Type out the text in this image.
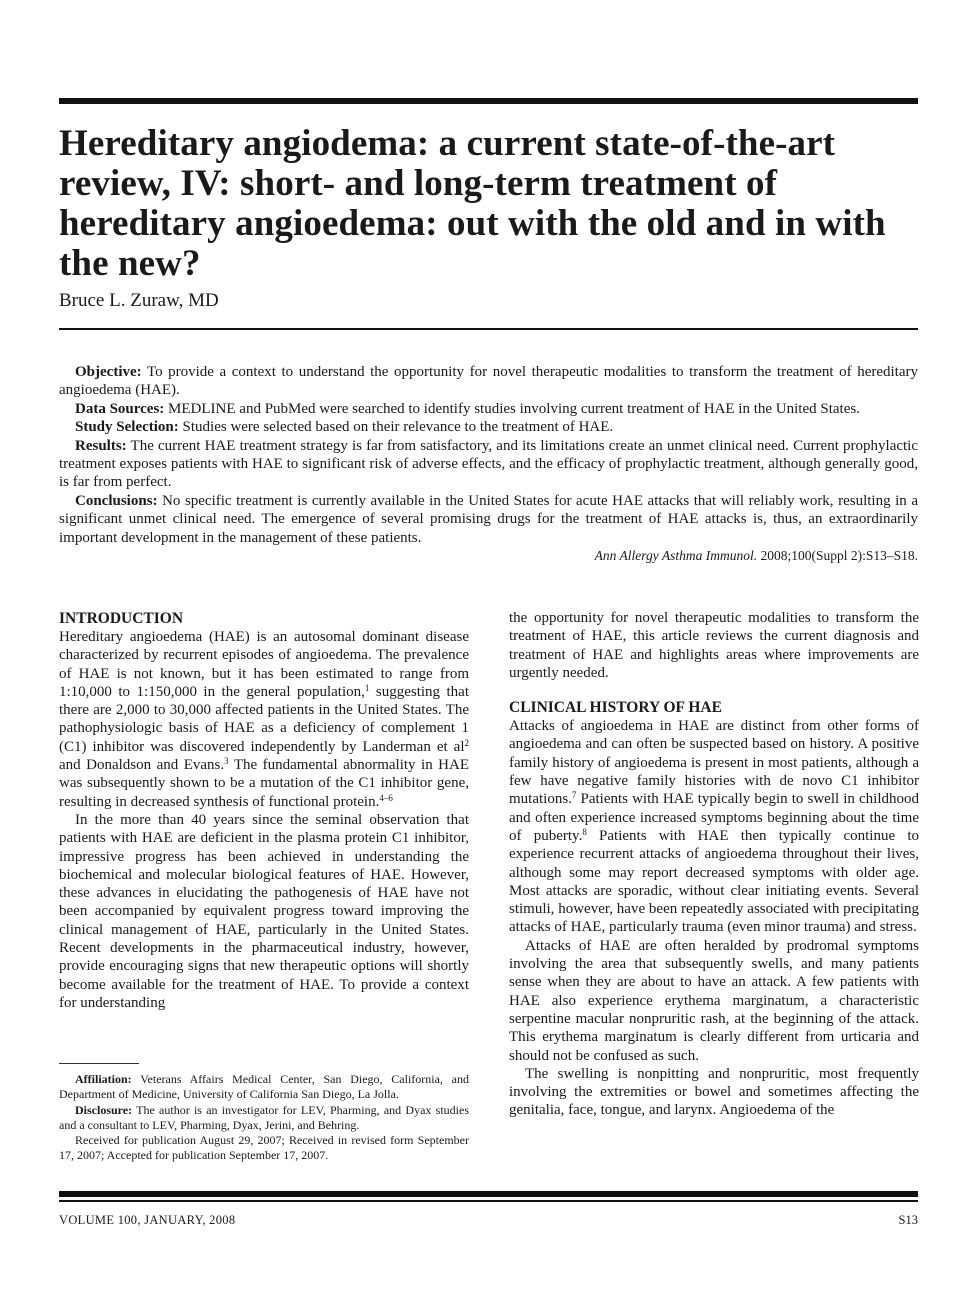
Hereditary angiodema: a current state-of-the-art review, IV: short- and long-term treatment of hereditary angioedema: out with the old and in with the new?
Bruce L. Zuraw, MD

Objective: To provide a context to understand the opportunity for novel therapeutic modalities to transform the treatment of hereditary angioedema (HAE).

Data Sources: MEDLINE and PubMed were searched to identify studies involving current treatment of HAE in the United States.

Study Selection: Studies were selected based on their relevance to the treatment of HAE.

Results: The current HAE treatment strategy is far from satisfactory, and its limitations create an unmet clinical need. Current prophylactic treatment exposes patients with HAE to significant risk of adverse effects, and the efficacy of prophylactic treatment, although generally good, is far from perfect.

Conclusions: No specific treatment is currently available in the United States for acute HAE attacks that will reliably work, resulting in a significant unmet clinical need. The emergence of several promising drugs for the treatment of HAE attacks is, thus, an extraordinarily important development in the management of these patients.

Ann Allergy Asthma Immunol. 2008;100(Suppl 2):S13–S18.

INTRODUCTION

Hereditary angioedema (HAE) is an autosomal dominant disease characterized by recurrent episodes of angioedema. The prevalence of HAE is not known, but it has been estimated to range from 1:10,000 to 1:150,000 in the general population,$^1$ suggesting that there are 2,000 to 30,000 affected patients in the United States. The pathophysiologic basis of HAE as a deficiency of complement 1 (C1) inhibitor was discovered independently by Landerman et $al^2$ and Donaldson and Evans.$^3$ The fundamental abnormality in HAE was subsequently shown to be a mutation of the C1 inhibitor gene, resulting in decreased synthesis of functional protein.$^{4-6}$

In the more than 40 years since the seminal observation that patients with HAE are deficient in the plasma protein C1 inhibitor, impressive progress has been achieved in understanding the biochemical and molecular biological features of HAE. However, these advances in elucidating the pathogenesis of HAE have not been accompanied by equivalent progress toward improving the clinical management of HAE, particularly in the United States. Recent developments in the pharmaceutical industry, however, provide encouraging signs that new therapeutic options will shortly become available for the treatment of HAE. To provide a context for understanding

the opportunity for novel therapeutic modalities to transform the treatment of HAE, this article reviews the current diagnosis and treatment of HAE and highlights areas where improvements are urgently needed.

CLINICAL HISTORY OF HAE

Attacks of angioedema in HAE are distinct from other forms of angioedema and can often be suspected based on history. A positive family history of angioedema is present in most patients, although a few have negative family histories with de novo C1 inhibitor mutations.$^7$ Patients with HAE typically begin to swell in childhood and often experience increased symptoms beginning about the time of puberty.$^8$ Patients with HAE then typically continue to experience recurrent attacks of angioedema throughout their lives, although some may report decreased symptoms with older age. Most attacks are sporadic, without clear initiating events. Several stimuli, however, have been repeatedly associated with precipitating attacks of HAE, particularly trauma (even minor trauma) and stress.

Attacks of HAE are often heralded by prodromal symptoms involving the area that subsequently swells, and many patients sense when they are about to have an attack. A few patients with HAE also experience erythema marginatum, a characteristic serpentine macular nonpruritic rash, at the beginning of the attack. This erythema marginatum is clearly different from urticaria and should not be confused as such.

The swelling is nonpitting and nonpruritic, most frequently involving the extremities or bowel and sometimes affecting the genitalia, face, tongue, and larynx. Angioedema of the

Affiliation: Veterans Affairs Medical Center, San Diego, California, and Department of Medicine, University of California San Diego, La Jolla.

Disclosure: The author is an investigator for LEV, Pharming, and Dyax studies and a consultant to LEV, Pharming, Dyax, Jerini, and Behring.

Received for publication August 29, 2007; Received in revised form September 17, 2007; Accepted for publication September 17, 2007.

VOLUME 100, JANUARY, 2008	S13
